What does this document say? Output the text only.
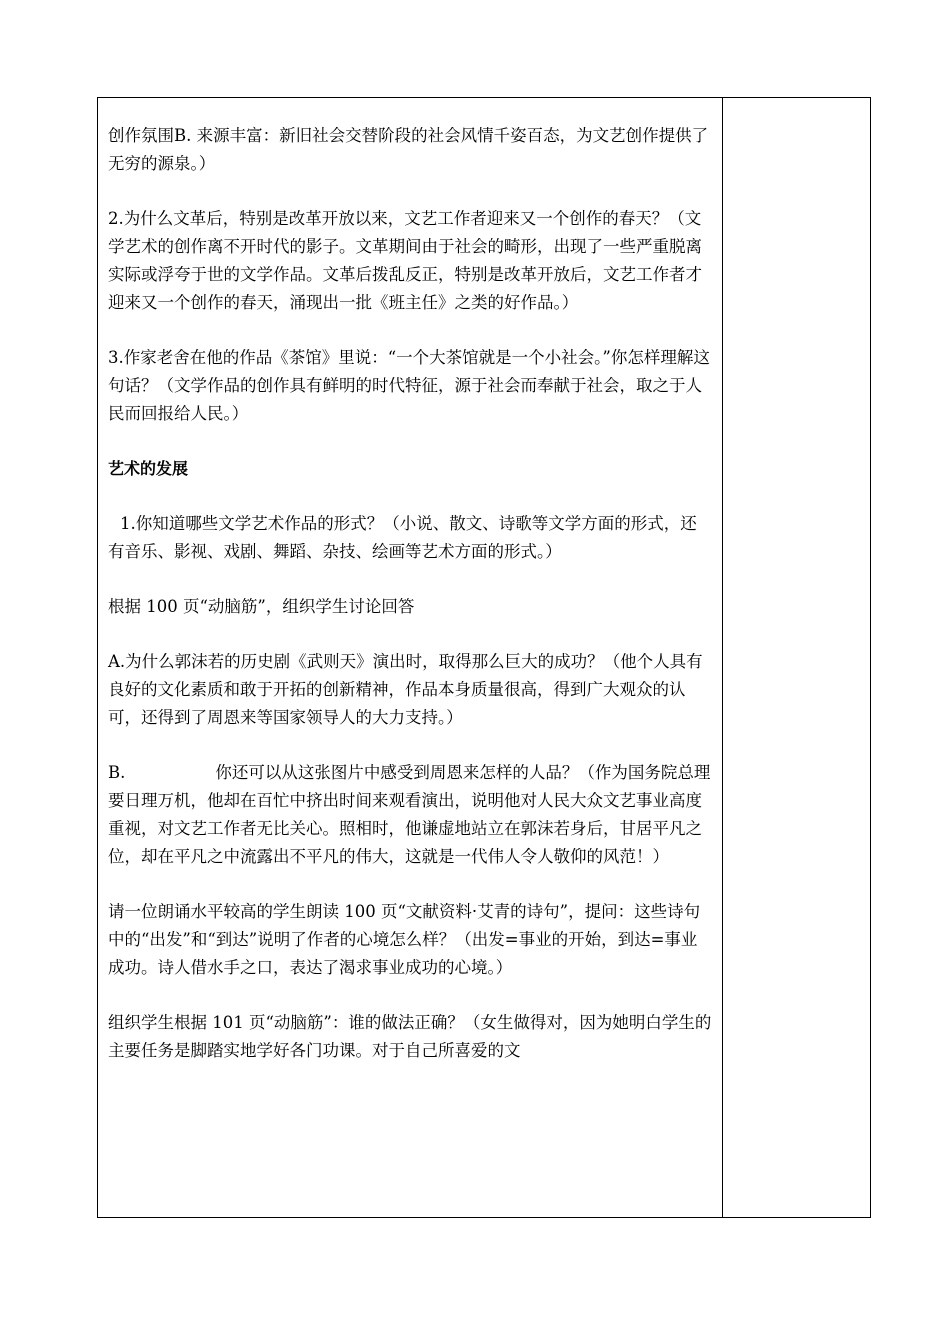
创作氛围B. 来源丰富：新旧社会交替阶段的社会风情千姿百态，为文艺创作提供了无穷的源泉。）

2.为什么文革后，特别是改革开放以来，文艺工作者迎来又一个创作的春天？（文学艺术的创作离不开时代的影子。文革期间由于社会的畸形，出现了一些严重脱离实际或浮夸于世的文学作品。文革后拨乱反正，特别是改革开放后，文艺工作者才迎来又一个创作的春天，涌现出一批《班主任》之类的好作品。）

3.作家老舍在他的作品《茶馆》里说：“一个大茶馆就是一个小社会。”你怎样理解这句话？（文学作品的创作具有鲜明的时代特征，源于社会而奉献于社会，取之于人民而回报给人民。）

艺术的发展

1.你知道哪些文学艺术作品的形式？（小说、散文、诗歌等文学方面的形式，还有音乐、影视、戏剧、舞蹈、杂技、绘画等艺术方面的形式。）

根据 100 页“动脑筋”，组织学生讨论回答

A.为什么郭沫若的历史剧《武则天》演出时，取得那么巨大的成功？（他个人具有良好的文化素质和敢于开拓的创新精神，作品本身质量很高，得到广大观众的认可，还得到了周恩来等国家领导人的大力支持。）

B.	你还可以从这张图片中感受到周恩来怎样的人品？（作为国务院总理要日理万机，他却在百忙中挤出时间来观看演出，说明他对人民大众文艺事业高度重视，对文艺工作者无比关心。照相时，他谦虚地站立在郭沫若身后，甘居平凡之位，却在平凡之中流露出不平凡的伟大，这就是一代伟人令人敬仰的风范！）

请一位朗诵水平较高的学生朗读 100 页“文献资料·艾青的诗句”，提问：这些诗句中的“出发”和“到达”说明了作者的心境怎么样？（出发=事业的开始，到达=事业成功。诗人借水手之口，表达了渴求事业成功的心境。）

组织学生根据 101 页“动脑筋”：谁的做法正确？（女生做得对，因为她明白学生的主要任务是脚踏实地学好各门功课。对于自己所喜爱的文
